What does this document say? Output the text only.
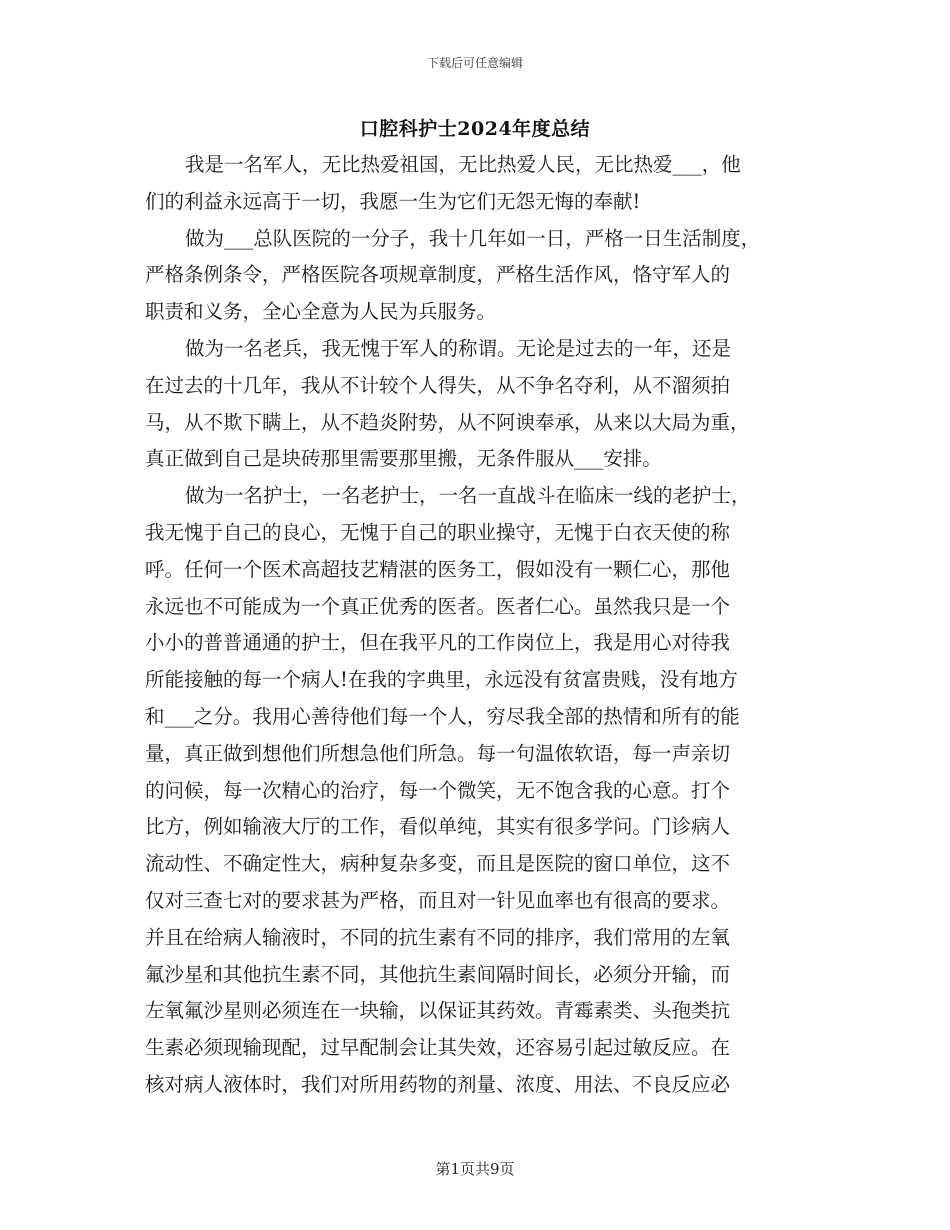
下载后可任意编辑
口腔科护士2024年度总结
我是一名军人，无比热爱祖国，无比热爱人民，无比热爱___，他
们的利益永远高于一切，我愿一生为它们无怨无悔的奉献!
做为___总队医院的一分子，我十几年如一日，严格一日生活制度，
严格条例条令，严格医院各项规章制度，严格生活作风，恪守军人的
职责和义务，全心全意为人民为兵服务。
做为一名老兵，我无愧于军人的称谓。无论是过去的一年，还是
在过去的十几年，我从不计较个人得失，从不争名夺利，从不溜须拍
马，从不欺下瞒上，从不趋炎附势，从不阿谀奉承，从来以大局为重，
真正做到自己是块砖那里需要那里搬，无条件服从___安排。
做为一名护士，一名老护士，一名一直战斗在临床一线的老护士，
我无愧于自己的良心，无愧于自己的职业操守，无愧于白衣天使的称
呼。任何一个医术高超技艺精湛的医务工，假如没有一颗仁心，那他
永远也不可能成为一个真正优秀的医者。医者仁心。虽然我只是一个
小小的普普通通的护士，但在我平凡的工作岗位上，我是用心对待我
所能接触的每一个病人!在我的字典里，永远没有贫富贵贱，没有地方
和___之分。我用心善待他们每一个人，穷尽我全部的热情和所有的能
量，真正做到想他们所想急他们所急。每一句温侬软语，每一声亲切
的问候，每一次精心的治疗，每一个微笑，无不饱含我的心意。打个
比方，例如输液大厅的工作，看似单纯，其实有很多学问。门诊病人
流动性、不确定性大，病种复杂多变，而且是医院的窗口单位，这不
仅对三查七对的要求甚为严格，而且对一针见血率也有很高的要求。
并且在给病人输液时，不同的抗生素有不同的排序，我们常用的左氧
氟沙星和其他抗生素不同，其他抗生素间隔时间长，必须分开输，而
左氧氟沙星则必须连在一块输，以保证其药效。青霉素类、头孢类抗
生素必须现输现配，过早配制会让其失效，还容易引起过敏反应。在
核对病人液体时，我们对所用药物的剂量、浓度、用法、不良反应必
第1页共9页
